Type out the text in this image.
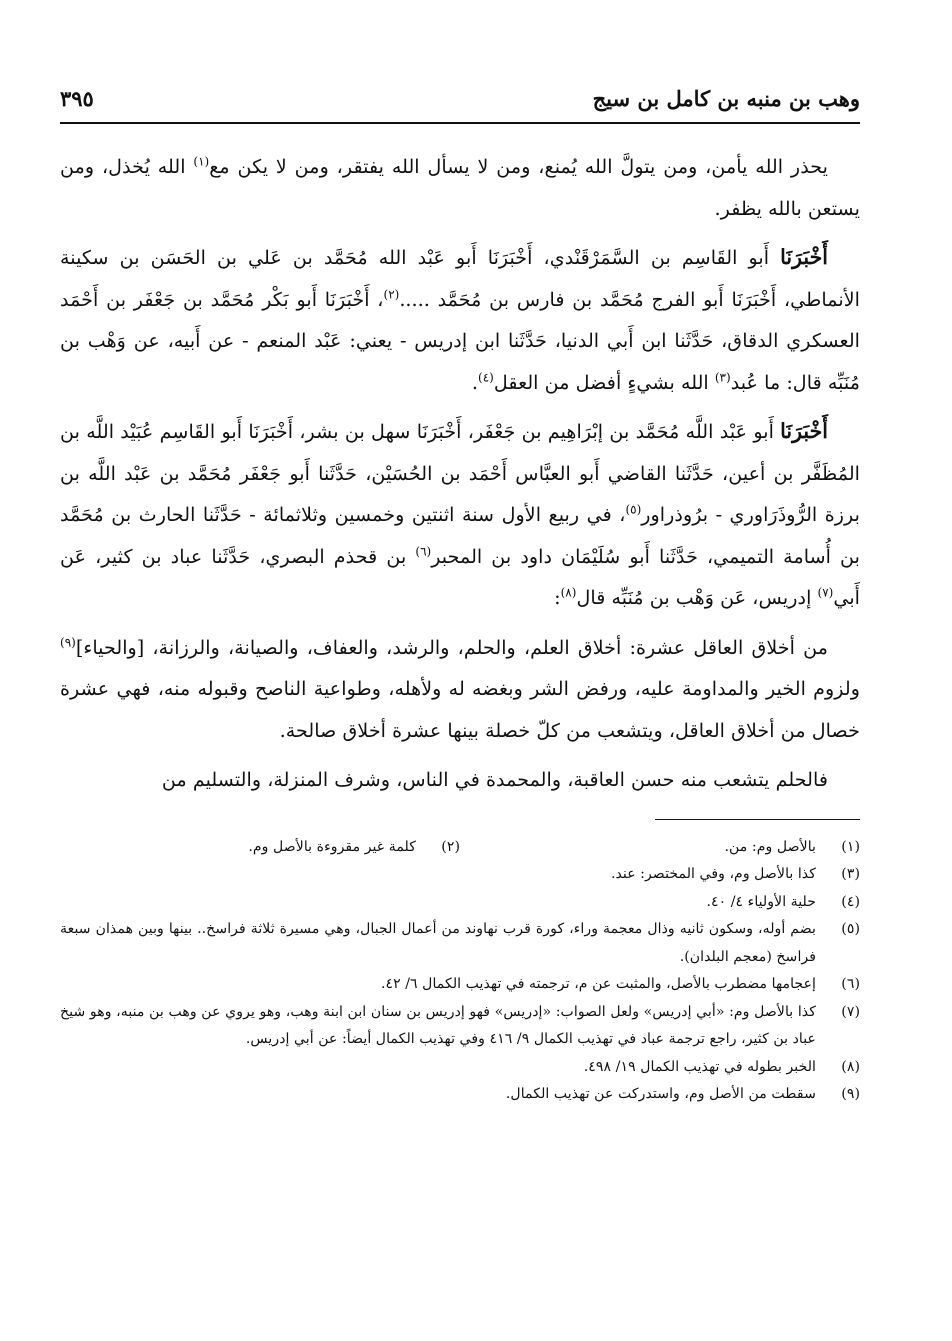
وهب بن منبه بن كامل بن سيج
٣٩٥

يحذر الله يأمن، ومن يتولَّ الله يُمنع، ومن لا يسأل الله يفتقر، ومن لا يكن مع$^{(١)}$ الله يُخذل، ومن يستعن بالله يظفر.

أَخْبَرَنَا أَبو القَاسِم بن السَّمَرْقَنْدي، أَخْبَرَنَا أَبو عَبْد الله مُحَمَّد بن عَلي بن الحَسَن بن سكينة الأنماطي، أَخْبَرَنَا أَبو الفرج مُحَمَّد بن فارس بن مُحَمَّد .....$^{(٢)}$، أَخْبَرَنَا أَبو بَكْر مُحَمَّد بن جَعْفَر بن أَحْمَد العسكري الدقاق، حَدَّثَنا ابن أَبي الدنيا، حَدَّثَنا ابن إدريس - يعني: عَبْد المنعم - عن أَبيه، عن وَهْب بن مُنَبِّه قال: ما عُبد$^{(٣)}$ الله بشيءٍ أفضل من العقل$^{(٤)}$.

أَخْبَرَنَا أَبو عَبْد اللَّه مُحَمَّد بن إبْرَاهِيم بن جَعْفَر، أَخْبَرَنَا سهل بن بشر، أَخْبَرَنَا أَبو القَاسِم عُبَيْد اللَّه بن المُظَفَّر بن أعين، حَدَّثَنا القاضي أَبو العبَّاس أَحْمَد بن الحُسَيْن، حَدَّثَنا أَبو جَعْفَر مُحَمَّد بن عَبْد اللَّه بن برزة الرُّوذَرَاوري - برُوذراور$^{(٥)}$، في ربيع الأول سنة اثنتين وخمسين وثلاثمائة - حَدَّثَنا الحارث بن مُحَمَّد بن أُسامة التميمي، حَدَّثَنا أَبو سُلَيْمَان داود بن المحبر$^{(٦)}$ بن قحذم البصري، حَدَّثَنا عباد بن كثير، عَن أَبي$^{(٧)}$ إدريس، عَن وَهْب بن مُنَبِّه قال$^{(٨)}$:

من أخلاق العاقل عشرة: أخلاق العلم، والحلم، والرشد، والعفاف، والصيانة، والرزانة، [والحياء]$^{(٩)}$ ولزوم الخير والمداومة عليه، ورفض الشر وبغضه له ولأهله، وطواعية الناصح وقبوله منه، فهي عشرة خصال من أخلاق العاقل، ويتشعب من كلّ خصلة بينها عشرة أخلاق صالحة.

فالحلم يتشعب منه حسن العاقبة، والمحمدة في الناس، وشرف المنزلة، والتسليم من

(١)
بالأصل وم: من.
(٢)
كلمة غير مقروءة بالأصل وم.
(٣)
كذا بالأصل وم، وفي المختصر: عند.
(٤)
حلية الأولياء ٤/ ٤٠.
(٥)
بضم أوله، وسكون ثانيه وذال معجمة وراء، كورة قرب نهاوند من أعمال الجبال، وهي مسيرة ثلاثة فراسخ.. بينها وبين همذان سبعة فراسخ (معجم البلدان).
(٦)
إعجامها مضطرب بالأصل، والمثبت عن م، ترجمته في تهذيب الكمال ٦/ ٤٢.
(٧)
كذا بالأصل وم: «أبي إدريس» ولعل الصواب: «إدريس» فهو إدريس بن سنان ابن ابنة وهب، وهو يروي عن وهب بن منبه، وهو شيخ عباد بن كثير، راجع ترجمة عباد في تهذيب الكمال ٩/ ٤١٦ وفي تهذيب الكمال أيضاً: عن أبي إدريس.
(٨)
الخبر بطوله في تهذيب الكمال ١٩/ ٤٩٨.
(٩)
سقطت من الأصل وم، واستدركت عن تهذيب الكمال.
